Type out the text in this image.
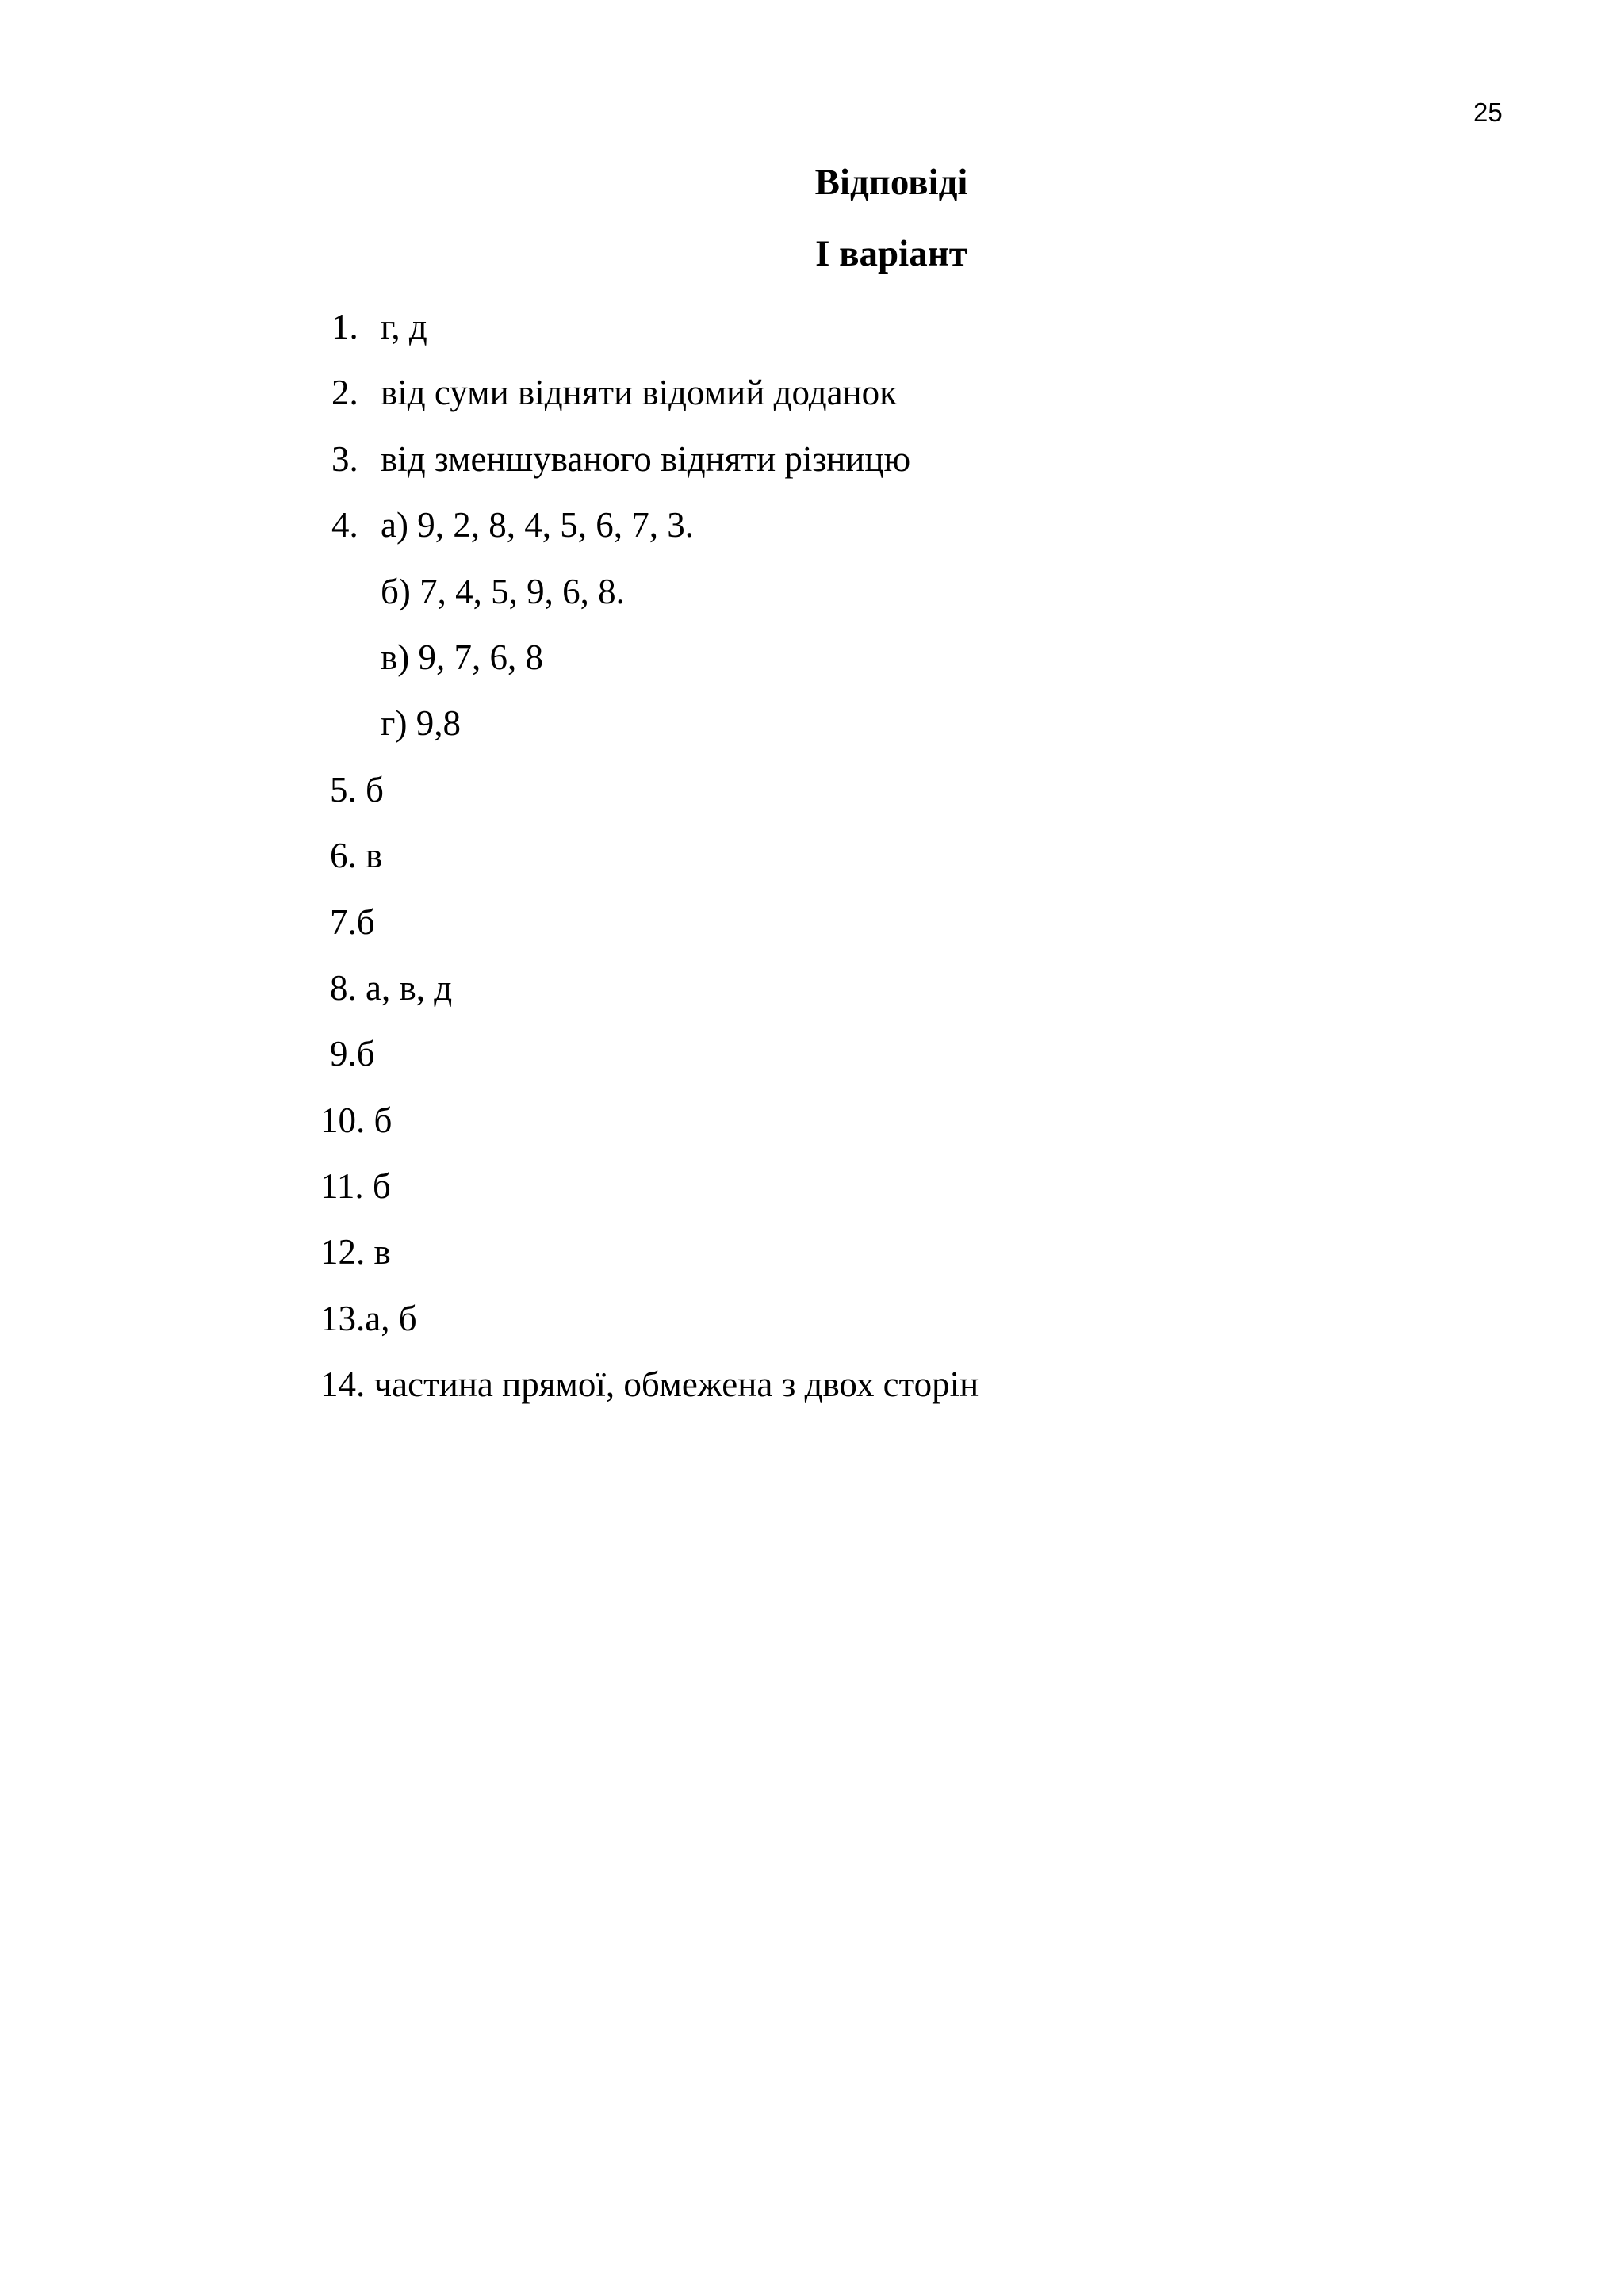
25
Відповіді
І варіант
1. г, д
2. від суми відняти відомий доданок
3. від зменшуваного відняти різницю
4. а) 9, 2, 8, 4, 5, 6, 7, 3.
б) 7, 4, 5, 9, 6, 8.
в) 9, 7, 6, 8
г) 9,8
5. б
6. в
7.б
8. а, в, д
9.б
10. б
11. б
12. в
13.а, б
14. частина прямої, обмежена з двох сторін
